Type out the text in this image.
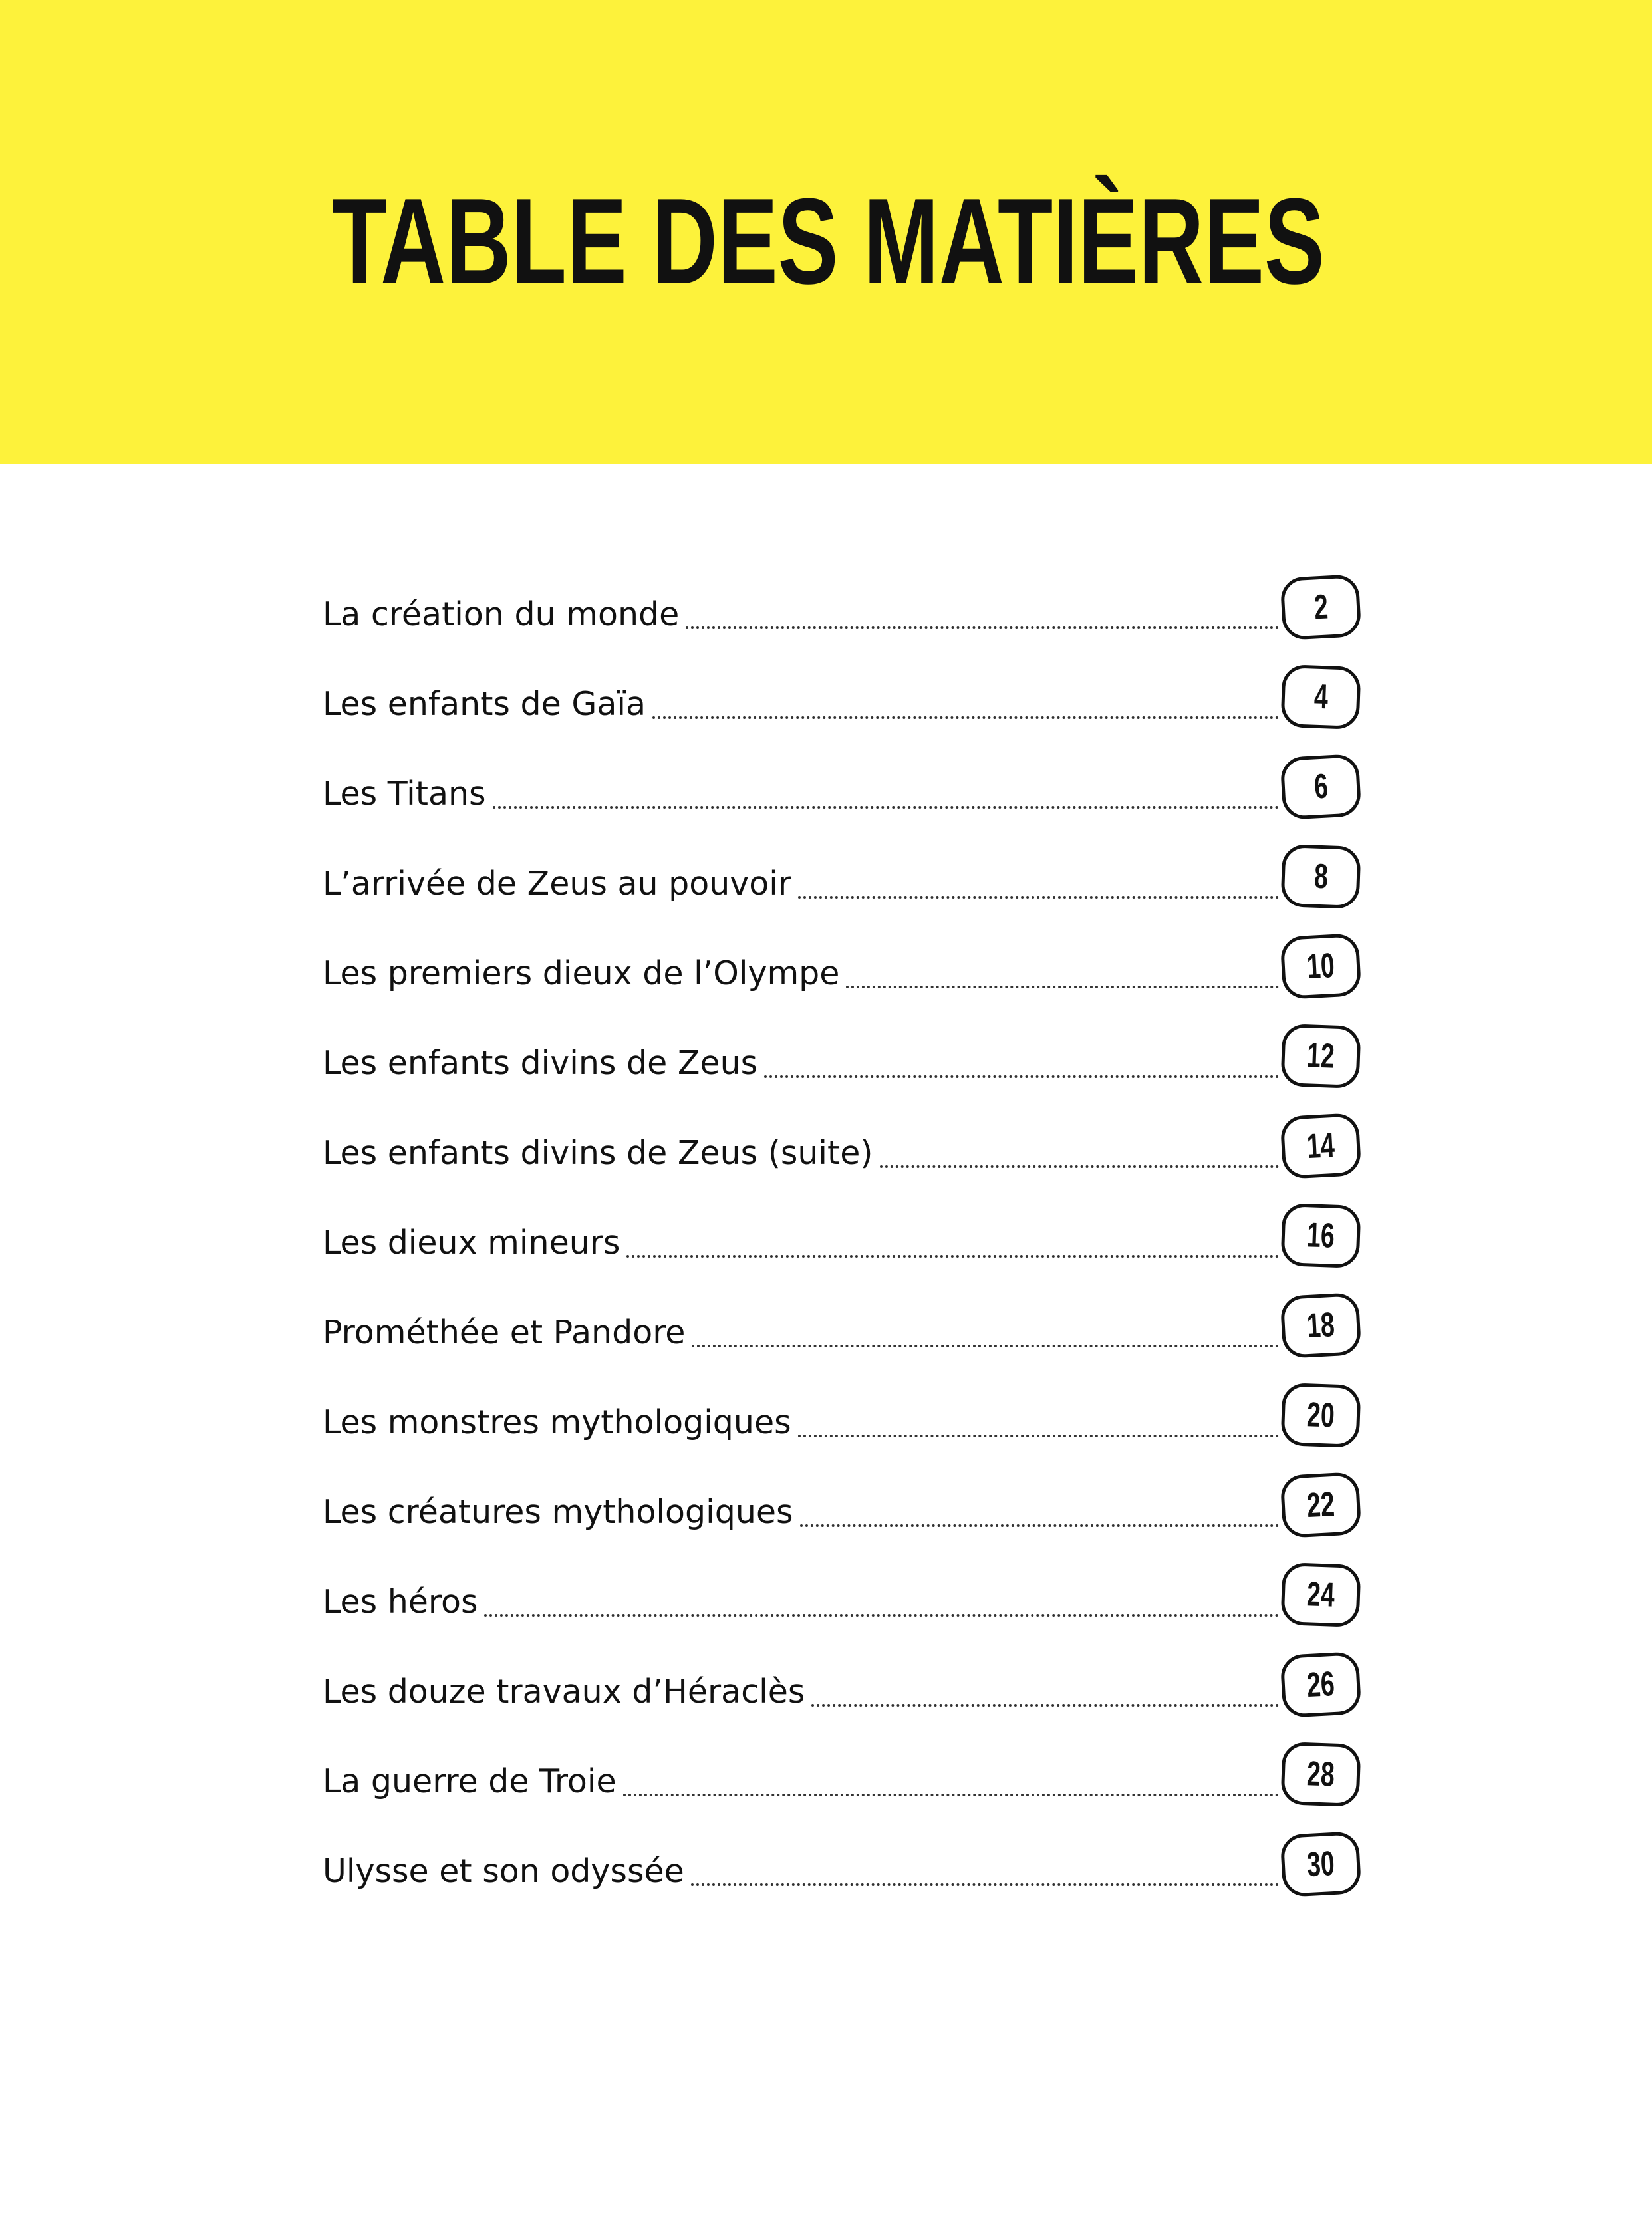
TABLE DES MATIÈRES
La création du monde	2
Les enfants de Gaïa	4
Les Titans	6
L’arrivée de Zeus au pouvoir	8
Les premiers dieux de l’Olympe	10
Les enfants divins de Zeus	12
Les enfants divins de Zeus (suite)	14
Les dieux mineurs	16
Prométhée et Pandore	18
Les monstres mythologiques	20
Les créatures mythologiques	22
Les héros	24
Les douze travaux d’Héraclès	26
La guerre de Troie	28
Ulysse et son odyssée	30
